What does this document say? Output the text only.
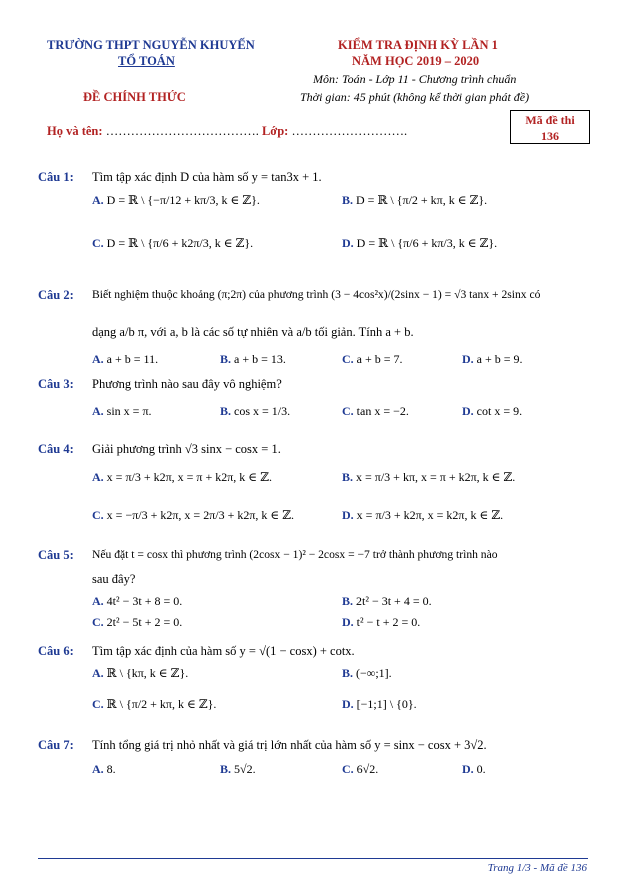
TRƯỜNG THPT NGUYỄN KHUYẾN
TỔ TOÁN
ĐỀ CHÍNH THỨC
KIỂM TRA ĐỊNH KỲ LẦN 1
NĂM HỌC 2019 – 2020
Môn: Toán - Lớp 11 - Chương trình chuẩn
Thời gian: 45 phút (không kể thời gian phát đề)
Họ và tên: ………………………………. Lớp: ……………………….
Mã đề thi
136
Câu 1: Tìm tập xác định D của hàm số y = tan3x + 1.
A. D = ℝ \ {−π/12 + kπ/3, k ∈ ℤ}.	B. D = ℝ \ {π/2 + kπ, k ∈ ℤ}.
C. D = ℝ \ {π/6 + k2π/3, k ∈ ℤ}.	D. D = ℝ \ {π/6 + kπ/3, k ∈ ℤ}.
Câu 2: Biết nghiệm thuộc khoảng (π;2π) của phương trình (3 − 4cos²x)/(2sinx − 1) = √3 tanx + 2sinx có
dạng a/b π, với a, b là các số tự nhiên và a/b tối giản. Tính a + b.
A. a + b = 11.	B. a + b = 13.	C. a + b = 7.	D. a + b = 9.
Câu 3: Phương trình nào sau đây vô nghiệm?
A. sin x = π.	B. cos x = 1/3.	C. tan x = −2.	D. cot x = 9.
Câu 4: Giải phương trình √3 sinx − cosx = 1.
A. x = π/3 + k2π, x = π + k2π, k ∈ ℤ.	B. x = π/3 + kπ, x = π + k2π, k ∈ ℤ.
C. x = −π/3 + k2π, x = 2π/3 + k2π, k ∈ ℤ.	D. x = π/3 + k2π, x = k2π, k ∈ ℤ.
Câu 5: Nếu đặt t = cosx thì phương trình (2cosx − 1)² − 2cosx = −7 trở thành phương trình nào
sau đây?
A. 4t² − 3t + 8 = 0.	B. 2t² − 3t + 4 = 0.
C. 2t² − 5t + 2 = 0.	D. t² − t + 2 = 0.
Câu 6: Tìm tập xác định của hàm số y = √(1 − cosx) + cotx.
A. ℝ \ {kπ, k ∈ ℤ}.	B. (−∞;1].
C. ℝ \ {π/2 + kπ, k ∈ ℤ}.	D. [−1;1] \ {0}.
Câu 7: Tính tổng giá trị nhỏ nhất và giá trị lớn nhất của hàm số y = sinx − cosx + 3√2.
A. 8.	B. 5√2.	C. 6√2.	D. 0.
Trang 1/3 - Mã đề 136
